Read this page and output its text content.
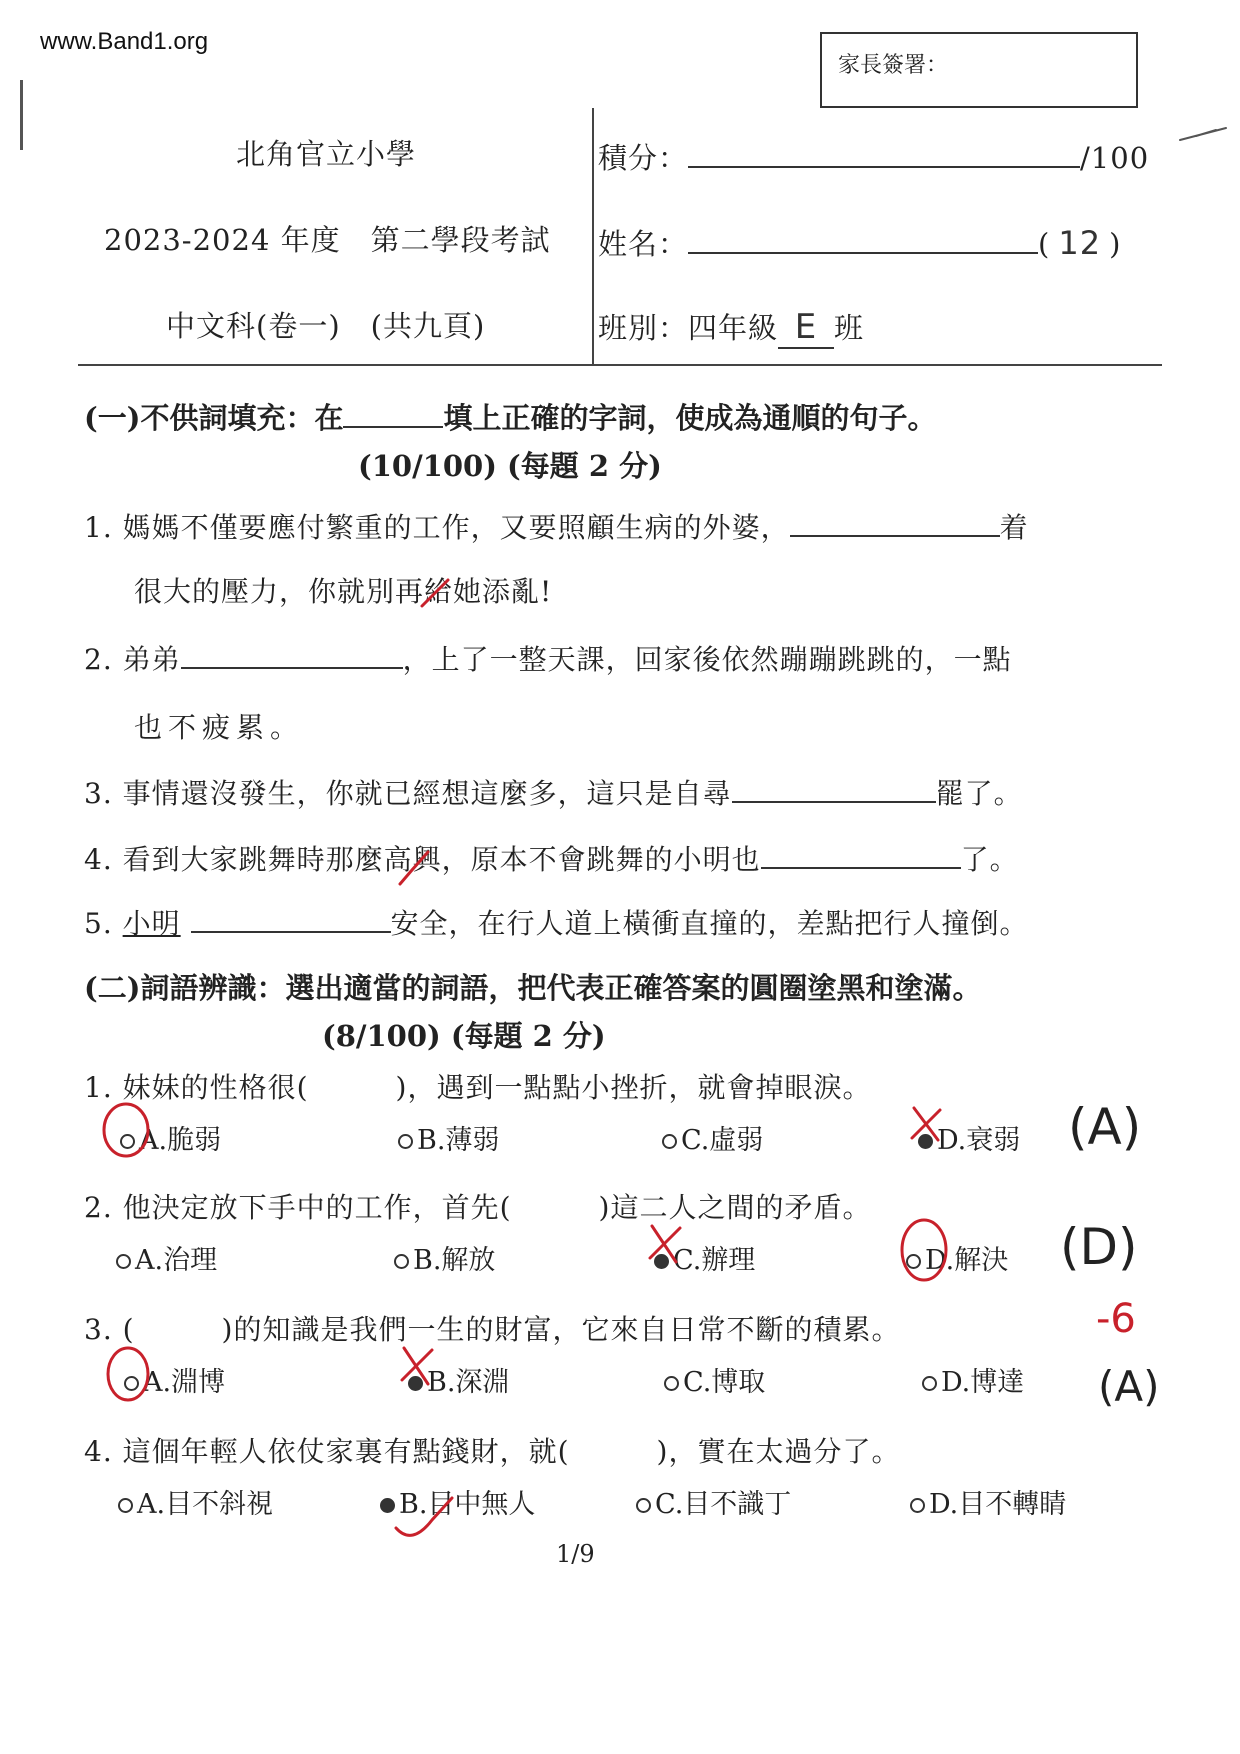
www.Band1.org
家長簽署：
北角官立小學
2023-2024 年度　第二學段考試
中文科(卷一)　(共九頁)
積分：	/100
姓名：	( 12 )
班別：四年級 E 班
(一)不供詞填充：在	填上正確的字詞，使成為通順的句子。
(10/100) (每題 2 分)
1. 媽媽不僅要應付繁重的工作，又要照顧生病的外婆，	着
很大的壓力，你就別再給她添亂!
2. 弟弟	，上了一整天課，回家後依然蹦蹦跳跳的，一點
也不疲累。
3. 事情還沒發生，你就已經想這麼多，這只是自尋	罷了。
4. 看到大家跳舞時那麼高興，原本不會跳舞的小明也	了。
5. 小明	安全，在行人道上橫衝直撞的，差點把行人撞倒。
(二)詞語辨識：選出適當的詞語，把代表正確答案的圓圈塗黑和塗滿。
(8/100) (每題 2 分)
1. 妹妹的性格很(　　　)，遇到一點點小挫折，就會掉眼淚。
A.脆弱	B.薄弱	C.虛弱	D.衰弱
2. 他決定放下手中的工作，首先(　　　)這二人之間的矛盾。
A.治理	B.解放	C.辦理	D.解決
3. (　　　)的知識是我們一生的財富，它來自日常不斷的積累。
A.淵博	B.深淵	C.博取	D.博達
4. 這個年輕人依仗家裏有點錢財，就(　　　)，實在太過分了。
A.目不斜視	B.目中無人	C.目不識丁	D.目不轉睛
(A)
(D)
-6
(A)
1/9
